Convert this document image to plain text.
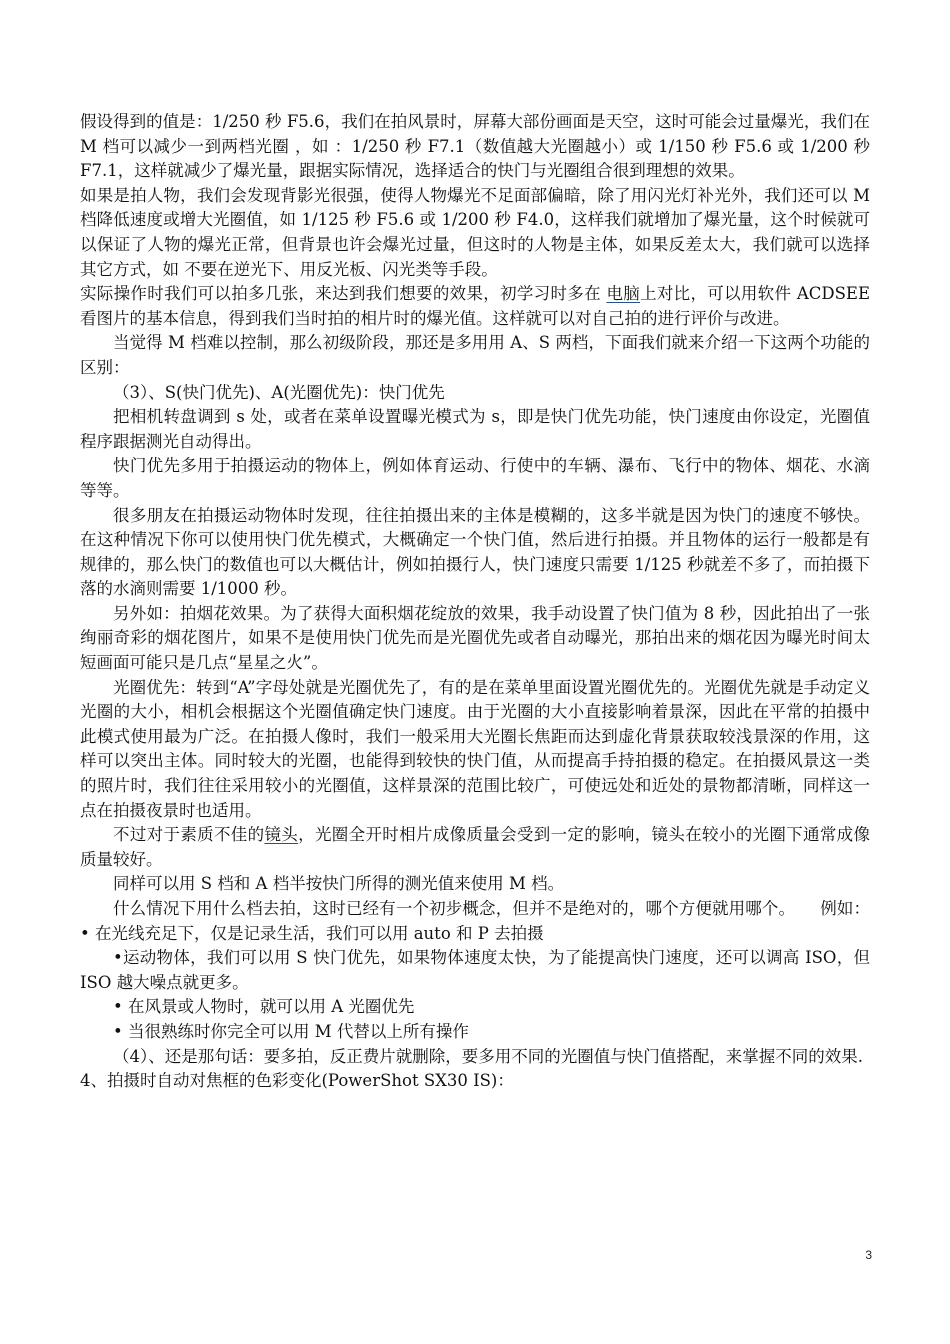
假设得到的值是：1/250 秒 F5.6，我们在拍风景时，屏幕大部份画面是天空，这时可能会过量爆光，我们在 M 档可以减少一到两档光圈 ，如 ：1/250 秒 F7.1（数值越大光圈越小）或 1/150 秒 F5.6 或 1/200 秒 F7.1，这样就减少了爆光量，跟据实际情况，选择适合的快门与光圈组合很到理想的效果。

如果是拍人物，我们会发现背影光很强，使得人物爆光不足面部偏暗，除了用闪光灯补光外，我们还可以 M 档降低速度或增大光圈值，如 1/125 秒 F5.6 或 1/200 秒 F4.0，这样我们就增加了爆光量，这个时候就可以保证了人物的爆光正常，但背景也许会爆光过量，但这时的人物是主体，如果反差太大，我们就可以选择其它方式，如 不要在逆光下、用反光板、闪光类等手段。

实际操作时我们可以拍多几张，来达到我们想要的效果，初学习时多在 电脑上对比，可以用软件 ACDSEE 看图片的基本信息，得到我们当时拍的相片时的爆光值。这样就可以对自己拍的进行评价与改进。

当觉得 M 档难以控制，那么初级阶段，那还是多用用 A、S 两档，下面我们就来介绍一下这两个功能的区别：

（3）、S(快门优先)、A(光圈优先)：快门优先

把相机转盘调到 s 处，或者在菜单设置曝光模式为 s，即是快门优先功能，快门速度由你设定，光圈值程序跟据测光自动得出。

快门优先多用于拍摄运动的物体上，例如体育运动、行使中的车辆、瀑布、飞行中的物体、烟花、水滴等等。

很多朋友在拍摄运动物体时发现，往往拍摄出来的主体是模糊的，这多半就是因为快门的速度不够快。在这种情况下你可以使用快门优先模式，大概确定一个快门值，然后进行拍摄。并且物体的运行一般都是有规律的，那么快门的数值也可以大概估计，例如拍摄行人，快门速度只需要 1/125 秒就差不多了，而拍摄下落的水滴则需要 1/1000 秒。

另外如：拍烟花效果。为了获得大面积烟花绽放的效果，我手动设置了快门值为 8 秒，因此拍出了一张绚丽奇彩的烟花图片，如果不是使用快门优先而是光圈优先或者自动曝光，那拍出来的烟花因为曝光时间太短画面可能只是几点“星星之火”。

光圈优先：转到“A”字母处就是光圈优先了，有的是在菜单里面设置光圈优先的。光圈优先就是手动定义光圈的大小，相机会根据这个光圈值确定快门速度。由于光圈的大小直接影响着景深，因此在平常的拍摄中此模式使用最为广泛。在拍摄人像时，我们一般采用大光圈长焦距而达到虚化背景获取较浅景深的作用，这样可以突出主体。同时较大的光圈，也能得到较快的快门值，从而提高手持拍摄的稳定。在拍摄风景这一类的照片时，我们往往采用较小的光圈值，这样景深的范围比较广，可使远处和近处的景物都清晰，同样这一点在拍摄夜景时也适用。

不过对于素质不佳的镜头，光圈全开时相片成像质量会受到一定的影响，镜头在较小的光圈下通常成像质量较好。

同样可以用 S 档和 A 档半按快门所得的测光值来使用 M 档。

什么情况下用什么档去拍，这时已经有一个初步概念，但并不是绝对的，哪个方便就用哪个。　　例如：• 在光线充足下，仅是记录生活，我们可以用 auto 和 P 去拍摄

•运动物体，我们可以用 S 快门优先，如果物体速度太快，为了能提高快门速度，还可以调高 ISO，但 ISO 越大噪点就更多。

• 在风景或人物时，就可以用 A 光圈优先

• 当很熟练时你完全可以用 M 代替以上所有操作

（4）、还是那句话：要多拍，反正费片就删除，要多用不同的光圈值与快门值搭配，来掌握不同的效果.

4、拍摄时自动对焦框的色彩变化(PowerShot SX30 IS)：

3
